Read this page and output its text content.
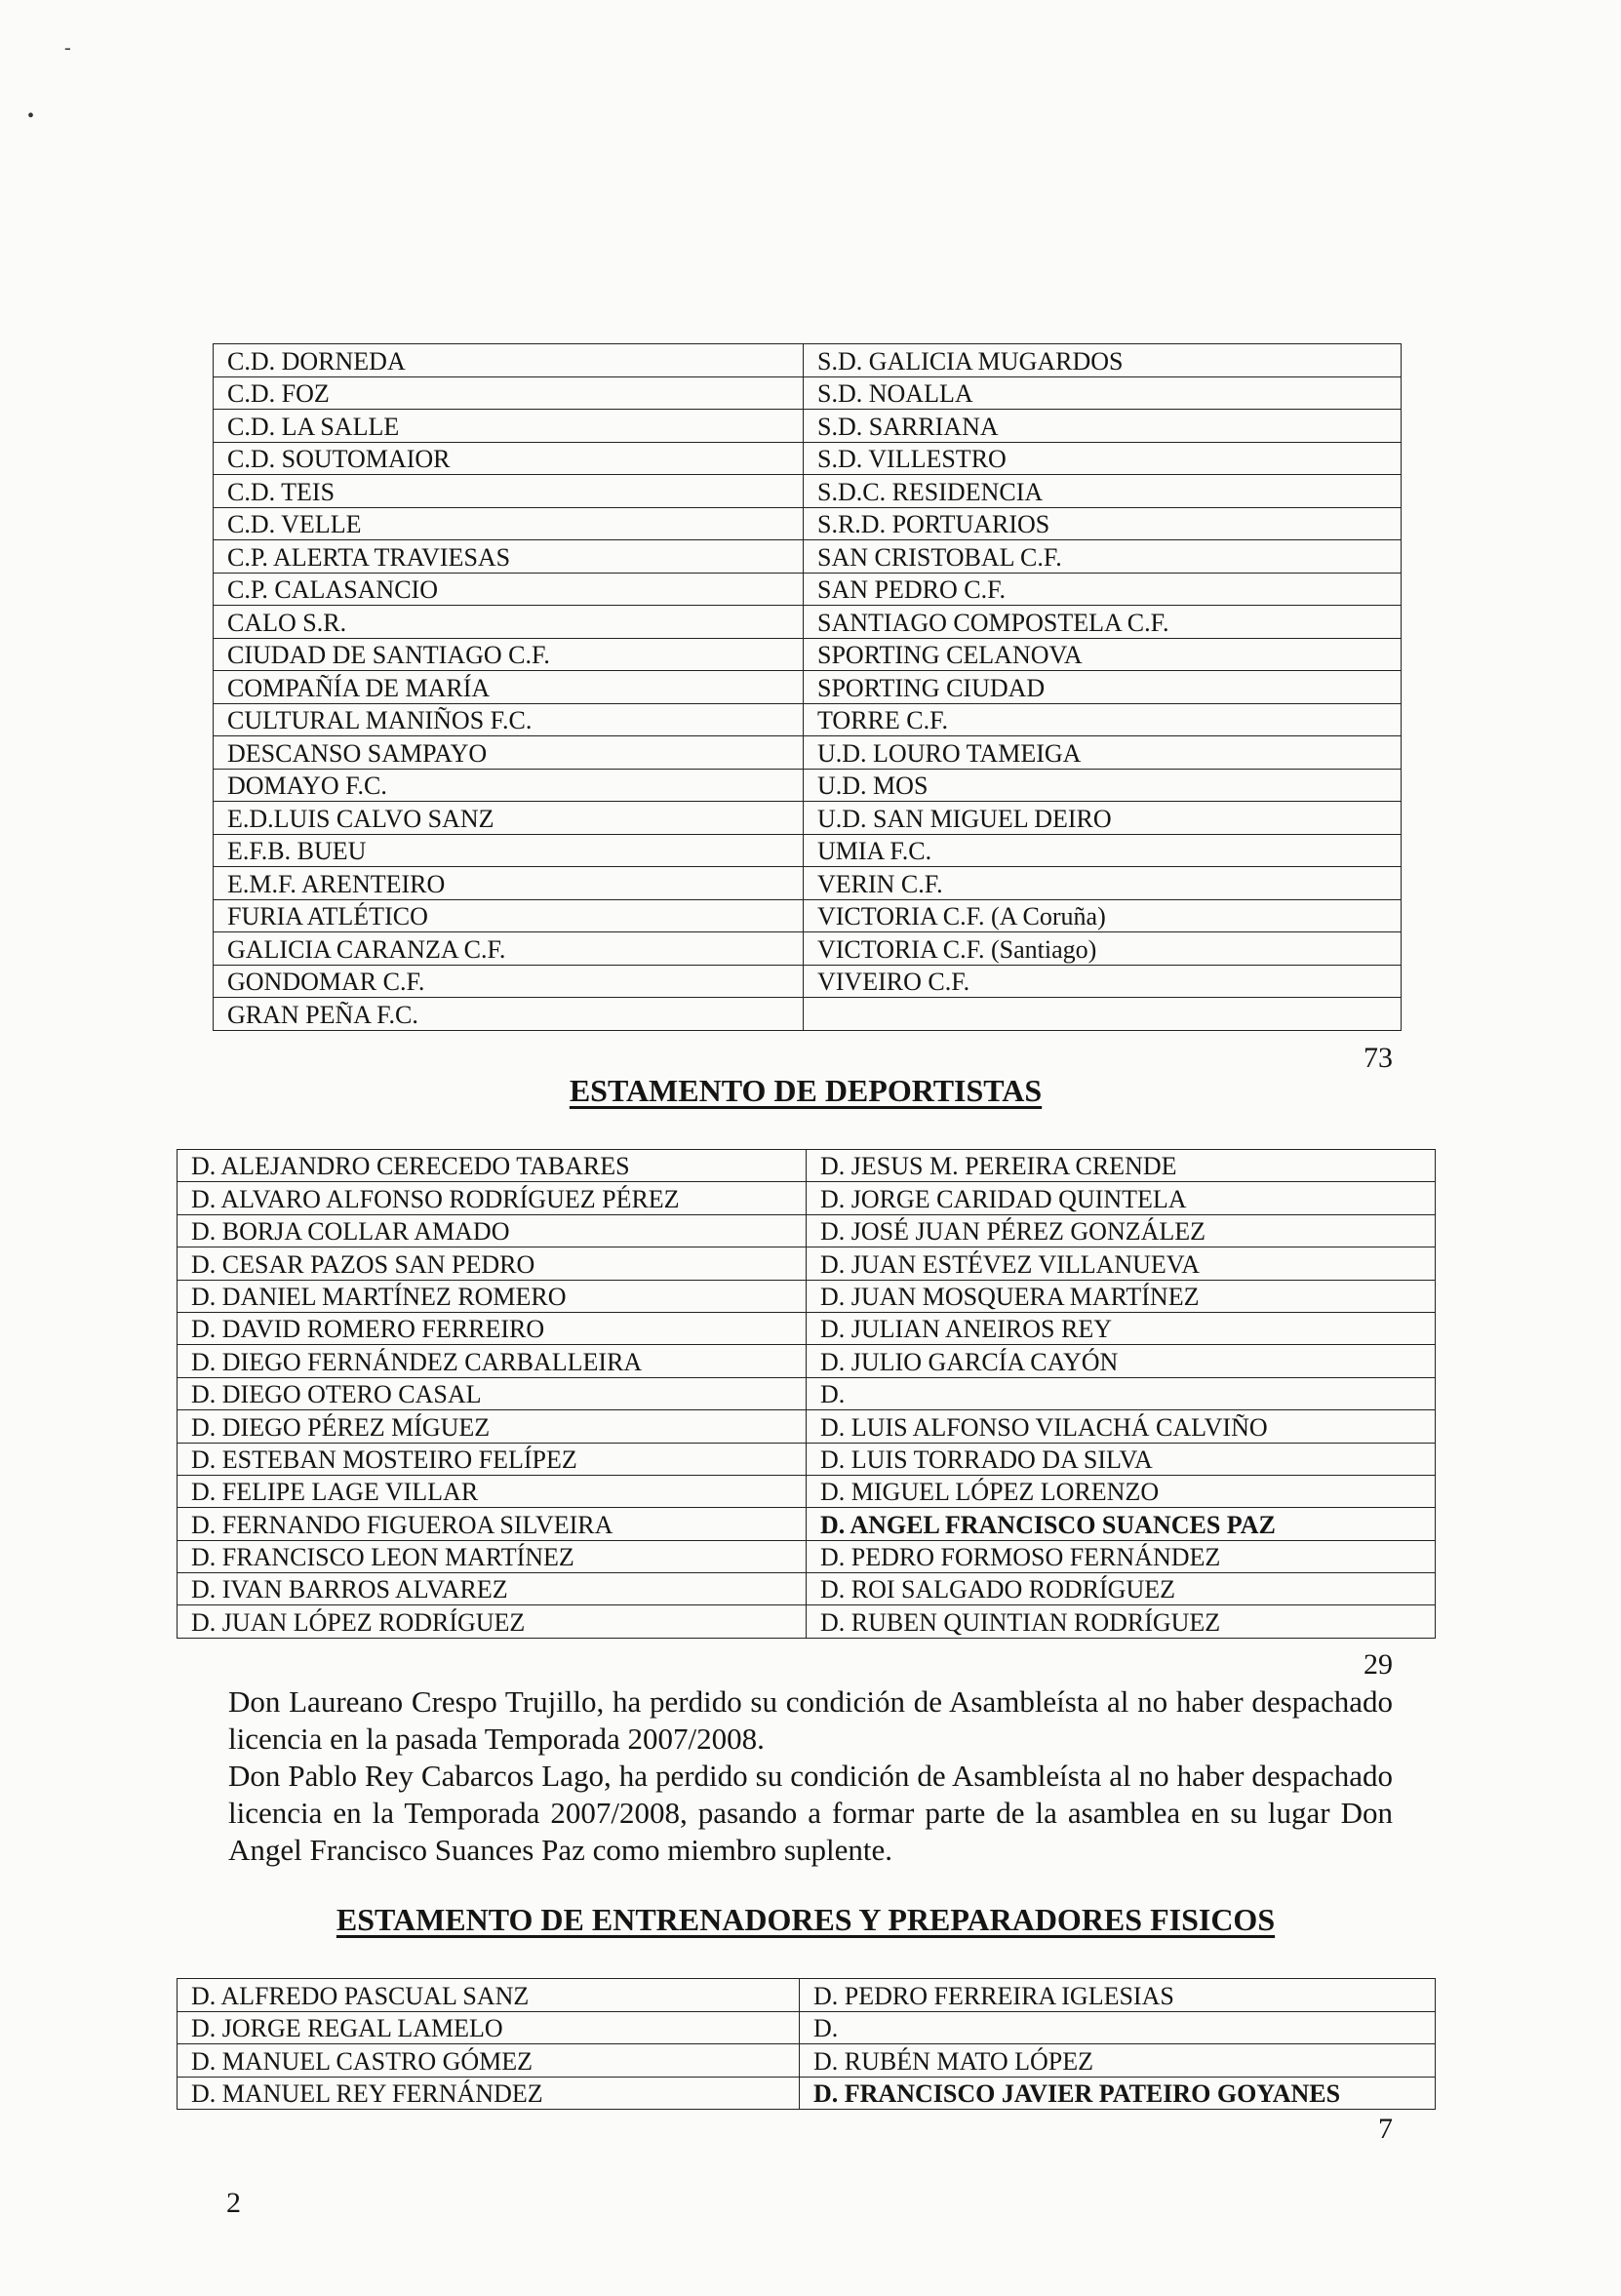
-
•
C.D. DORNEDA	S.D. GALICIA MUGARDOS
C.D. FOZ	S.D. NOALLA
C.D. LA SALLE	S.D. SARRIANA
C.D. SOUTOMAIOR	S.D. VILLESTRO
C.D. TEIS	S.D.C. RESIDENCIA
C.D. VELLE	S.R.D. PORTUARIOS
C.P. ALERTA TRAVIESAS	SAN CRISTOBAL C.F.
C.P. CALASANCIO	SAN PEDRO C.F.
CALO S.R.	SANTIAGO COMPOSTELA C.F.
CIUDAD DE SANTIAGO C.F.	SPORTING CELANOVA
COMPAÑÍA DE MARÍA	SPORTING CIUDAD
CULTURAL MANIÑOS F.C.	TORRE C.F.
DESCANSO SAMPAYO	U.D. LOURO TAMEIGA
DOMAYO F.C.	U.D. MOS
E.D.LUIS CALVO SANZ	U.D. SAN MIGUEL DEIRO
E.F.B. BUEU	UMIA F.C.
E.M.F. ARENTEIRO	VERIN C.F.
FURIA ATLÉTICO	VICTORIA C.F. (A Coruña)
GALICIA CARANZA C.F.	VICTORIA C.F. (Santiago)
GONDOMAR C.F.	VIVEIRO C.F.
GRAN PEÑA F.C.	
73
ESTAMENTO DE DEPORTISTAS
D. ALEJANDRO CERECEDO TABARES	D. JESUS M. PEREIRA CRENDE
D. ALVARO ALFONSO RODRÍGUEZ PÉREZ	D. JORGE CARIDAD QUINTELA
D. BORJA COLLAR AMADO	D. JOSÉ JUAN PÉREZ GONZÁLEZ
D. CESAR PAZOS SAN PEDRO	D. JUAN ESTÉVEZ VILLANUEVA
D. DANIEL MARTÍNEZ ROMERO	D. JUAN MOSQUERA MARTÍNEZ
D. DAVID ROMERO FERREIRO	D. JULIAN ANEIROS REY
D. DIEGO FERNÁNDEZ CARBALLEIRA	D. JULIO GARCÍA CAYÓN
D. DIEGO OTERO CASAL	D.
D. DIEGO PÉREZ MÍGUEZ	D. LUIS ALFONSO VILACHÁ CALVIÑO
D. ESTEBAN MOSTEIRO FELÍPEZ	D. LUIS TORRADO DA SILVA
D. FELIPE LAGE VILLAR	D. MIGUEL LÓPEZ LORENZO
D. FERNANDO FIGUEROA SILVEIRA	D. ANGEL FRANCISCO SUANCES PAZ
D. FRANCISCO LEON MARTÍNEZ	D. PEDRO FORMOSO FERNÁNDEZ
D. IVAN BARROS ALVAREZ	D. ROI SALGADO RODRÍGUEZ
D. JUAN LÓPEZ RODRÍGUEZ	D. RUBEN QUINTIAN RODRÍGUEZ
29

Don Laureano Crespo Trujillo, ha perdido su condición de Asambleísta al no haber despachado licencia en la pasada Temporada 2007/2008.

Don Pablo Rey Cabarcos Lago, ha perdido su condición de Asambleísta al no haber despachado licencia en la Temporada 2007/2008, pasando a formar parte de la asamblea en su lugar Don Angel Francisco Suances Paz como miembro suplente.

ESTAMENTO DE ENTRENADORES Y PREPARADORES FISICOS
D. ALFREDO PASCUAL SANZ	D. PEDRO FERREIRA IGLESIAS
D. JORGE REGAL LAMELO	D.
D. MANUEL CASTRO GÓMEZ	D. RUBÉN MATO LÓPEZ
D. MANUEL REY FERNÁNDEZ	D. FRANCISCO JAVIER PATEIRO GOYANES
7
2
